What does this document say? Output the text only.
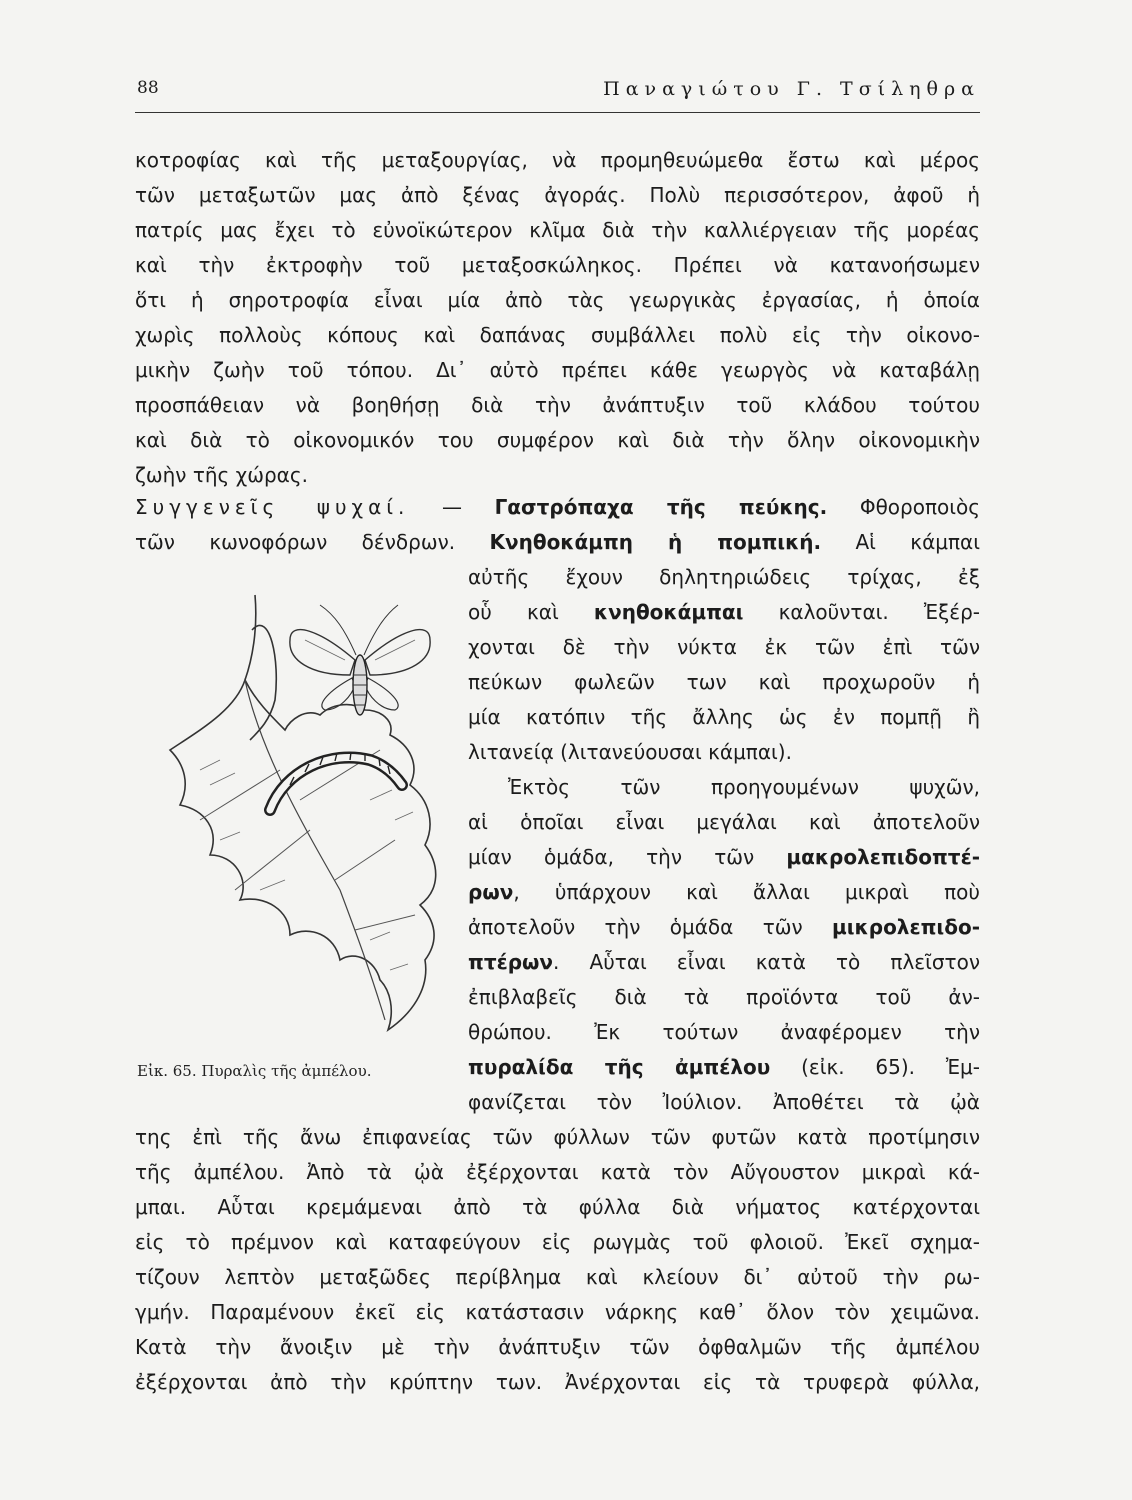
88	Παναγιώτου Γ. Τσίληθρα
κοτροφίας καὶ τῆς μεταξουργίας, νὰ προμηθευώμεθα ἔστω καὶ μέρος
τῶν μεταξωτῶν μας ἀπὸ ξένας ἀγοράς. Πολὺ περισσότερον, ἀφοῦ ἡ
πατρίς μας ἔχει τὸ εὐνοϊκώτερον κλῖμα διὰ τὴν καλλιέργειαν τῆς μορέας
καὶ τὴν ἐκτροφὴν τοῦ μεταξοσκώληκος. Πρέπει νὰ κατανοήσωμεν
ὅτι ἡ σηροτροφία εἶναι μία ἀπὸ τὰς γεωργικὰς ἐργασίας, ἡ ὁποία
χωρὶς πολλοὺς κόπους καὶ δαπάνας συμβάλλει πολὺ εἰς τὴν οἰκονο-
μικὴν ζωὴν τοῦ τόπου. Δι᾿ αὐτὸ πρέπει κάθε γεωργὸς νὰ καταβάλῃ
προσπάθειαν νὰ βοηθήσῃ διὰ τὴν ἀνάπτυξιν τοῦ κλάδου τούτου
καὶ διὰ τὸ οἰκονομικόν του συμφέρον καὶ διὰ τὴν ὅλην οἰκονομικὴν
ζωὴν τῆς χώρας.
Συγγενεῖς ψυχαί. — Γαστρόπαχα τῆς πεύκης. Φθοροποιὸς
τῶν κωνοφόρων δένδρων. Κνηθοκάμπη ἡ πομπική. Αἱ κάμπαι
αὐτῆς ἔχουν δηλητηριώδεις τρίχας, ἐξ
οὗ καὶ κνηθοκάμπαι καλοῦνται. Ἐξέρ-
χονται δὲ τὴν νύκτα ἐκ τῶν ἐπὶ τῶν
πεύκων φωλεῶν των καὶ προχωροῦν ἡ
μία κατόπιν τῆς ἄλλης ὡς ἐν πομπῇ ἢ
λιτανείᾳ (λιτανεύουσαι κάμπαι).
Ἐκτὸς τῶν προηγουμένων ψυχῶν,
αἱ ὁποῖαι εἶναι μεγάλαι καὶ ἀποτελοῦν
μίαν ὁμάδα, τὴν τῶν μακρολεπιδοπτέ-
ρων, ὑπάρχουν καὶ ἄλλαι μικραὶ ποὺ
ἀποτελοῦν τὴν ὁμάδα τῶν μικρολεπιδο-
πτέρων. Αὗται εἶναι κατὰ τὸ πλεῖστον
ἐπιβλαβεῖς διὰ τὰ προϊόντα τοῦ ἀν-
θρώπου. Ἐκ τούτων ἀναφέρομεν τὴν
πυραλίδα τῆς ἀμπέλου (εἰκ. 65). Ἐμ-
φανίζεται τὸν Ἰούλιον. Ἀποθέτει τὰ ᾠὰ
Εἰκ. 65. Πυραλὶς τῆς ἀμπέλου.
της ἐπὶ τῆς ἄνω ἐπιφανείας τῶν φύλλων τῶν φυτῶν κατὰ προτίμησιν
τῆς ἀμπέλου. Ἀπὸ τὰ ᾠὰ ἐξέρχονται κατὰ τὸν Αὔγουστον μικραὶ κά-
μπαι. Αὗται κρεμάμεναι ἀπὸ τὰ φύλλα διὰ νήματος κατέρχονται
εἰς τὸ πρέμνον καὶ καταφεύγουν εἰς ρωγμὰς τοῦ φλοιοῦ. Ἐκεῖ σχημα-
τίζουν λεπτὸν μεταξῶδες περίβλημα καὶ κλείουν δι᾿ αὐτοῦ τὴν ρω-
γμήν. Παραμένουν ἐκεῖ εἰς κατάστασιν νάρκης καθ᾿ ὅλον τὸν χειμῶνα.
Κατὰ τὴν ἄνοιξιν μὲ τὴν ἀνάπτυξιν τῶν ὀφθαλμῶν τῆς ἀμπέλου
ἐξέρχονται ἀπὸ τὴν κρύπτην των. Ἀνέρχονται εἰς τὰ τρυφερὰ φύλλα,
